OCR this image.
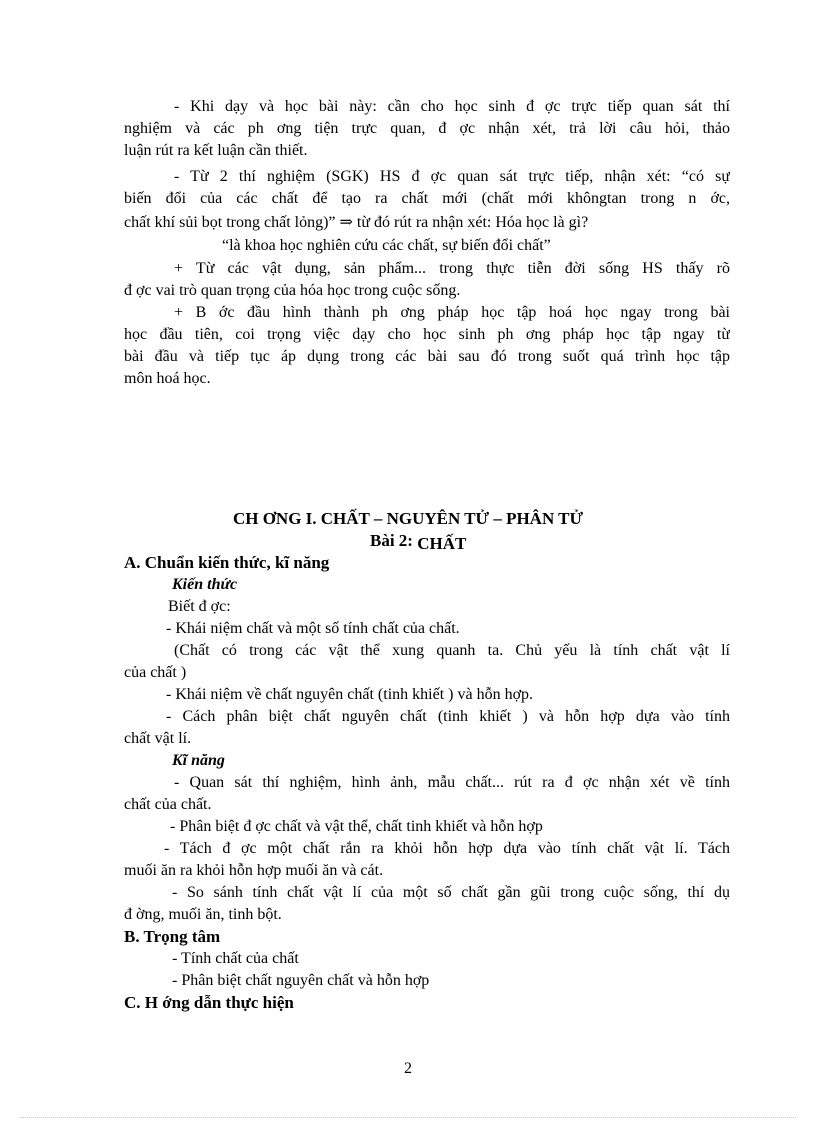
- Khi dạy và học bài này: cần cho học sinh đ ợc trực tiếp quan sát thí
nghiệm và các ph ơng tiện trực quan, đ ợc nhận xét, trả lời câu hỏi, thảo
luận rút ra kết luận cần thiết.
- Từ 2 thí nghiệm (SGK) HS đ ợc quan sát trực tiếp, nhận xét: “có sự
biến đổi của các chất để tạo ra chất mới (chất mới khôngtan trong n ớc,
chất khí sủi bọt trong chất lỏng)” ⇒ từ đó rút ra nhận xét: Hóa học là gì?
“là khoa học nghiên cứu các chất, sự biến đổi chất”
+ Từ các vật dụng, sản phẩm... trong thực tiễn đời sống HS thấy rõ
đ ợc vai trò quan trọng của hóa học trong cuộc sống.
+ B ớc đầu hình thành ph ơng pháp học tập hoá học ngay trong bài
học đầu tiên, coi trọng việc dạy cho học sinh ph ơng pháp học tập ngay từ
bài đầu và tiếp tục áp dụng trong các bài sau đó trong suốt quá trình học tập
môn hoá học.
CH ƠNG I. CHẤT – NGUYÊN TỬ – PHÂN TỬ
Bài 2: CHẤT
A. Chuẩn kiến thức, kĩ năng
Kiến thức
Biết đ ợc:
- Khái niệm chất và một số tính chất của chất.
(Chất có trong các vật thể xung quanh ta. Chủ yếu là tính chất vật lí
của chất )
- Khái niệm về chất nguyên chất (tinh khiết ) và hỗn hợp.
- Cách phân biệt chất nguyên chất (tinh khiết ) và hỗn hợp dựa vào tính
chất vật lí.
Kĩ năng
- Quan sát thí nghiệm, hình ảnh, mẫu chất... rút ra đ ợc nhận xét về tính
chất của chất.
- Phân biệt đ ợc chất và vật thể, chất tinh khiết và hỗn hợp
- Tách đ ợc một chất rắn ra khỏi hỗn hợp dựa vào tính chất vật lí. Tách
muối ăn ra khỏi hỗn hợp muối ăn và cát.
- So sánh tính chất vật lí của một số chất gần gũi trong cuộc sống, thí dụ
đ ờng, muối ăn, tinh bột.
B. Trọng tâm
- Tính chất của chất
- Phân biệt chất nguyên chất và hỗn hợp
C. H ớng dẫn thực hiện
2
